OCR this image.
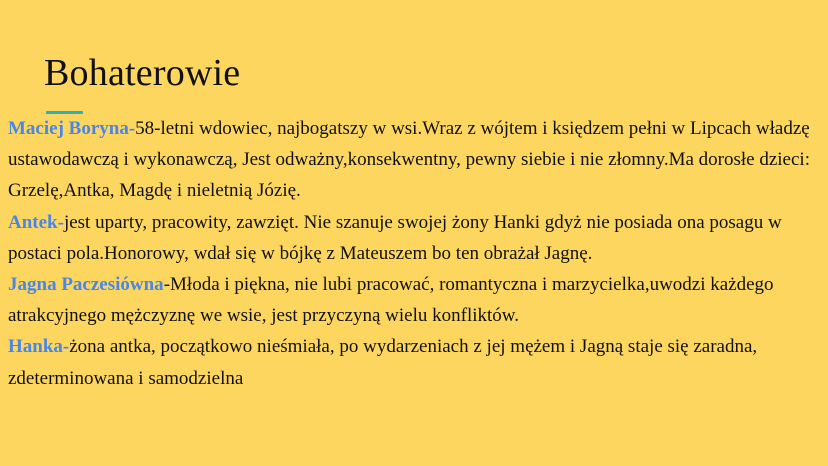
Bohaterowie

Maciej Boryna-58-letni wdowiec, najbogatszy w wsi.Wraz z wójtem i księdzem pełni w Lipcach władzę ustawodawczą i wykonawczą, Jest odważny,konsekwentny, pewny siebie i nie złomny.Ma dorosłe dzieci: Grzelę,Antka, Magdę i nieletnią Józię.

Antek-jest uparty, pracowity, zawzięt. Nie szanuje swojej żony Hanki gdyż nie posiada ona posagu w postaci pola.Honorowy, wdał się w bójkę z Mateuszem bo ten obrażał Jagnę.

Jagna Paczesiówna-Młoda i piękna, nie lubi pracować, romantyczna i marzycielka,uwodzi każdego atrakcyjnego mężczyznę we wsie, jest przyczyną wielu konfliktów.

Hanka-żona antka, początkowo nieśmiała, po wydarzeniach z jej mężem i Jagną staje się zaradna, zdeterminowana i samodzielna
